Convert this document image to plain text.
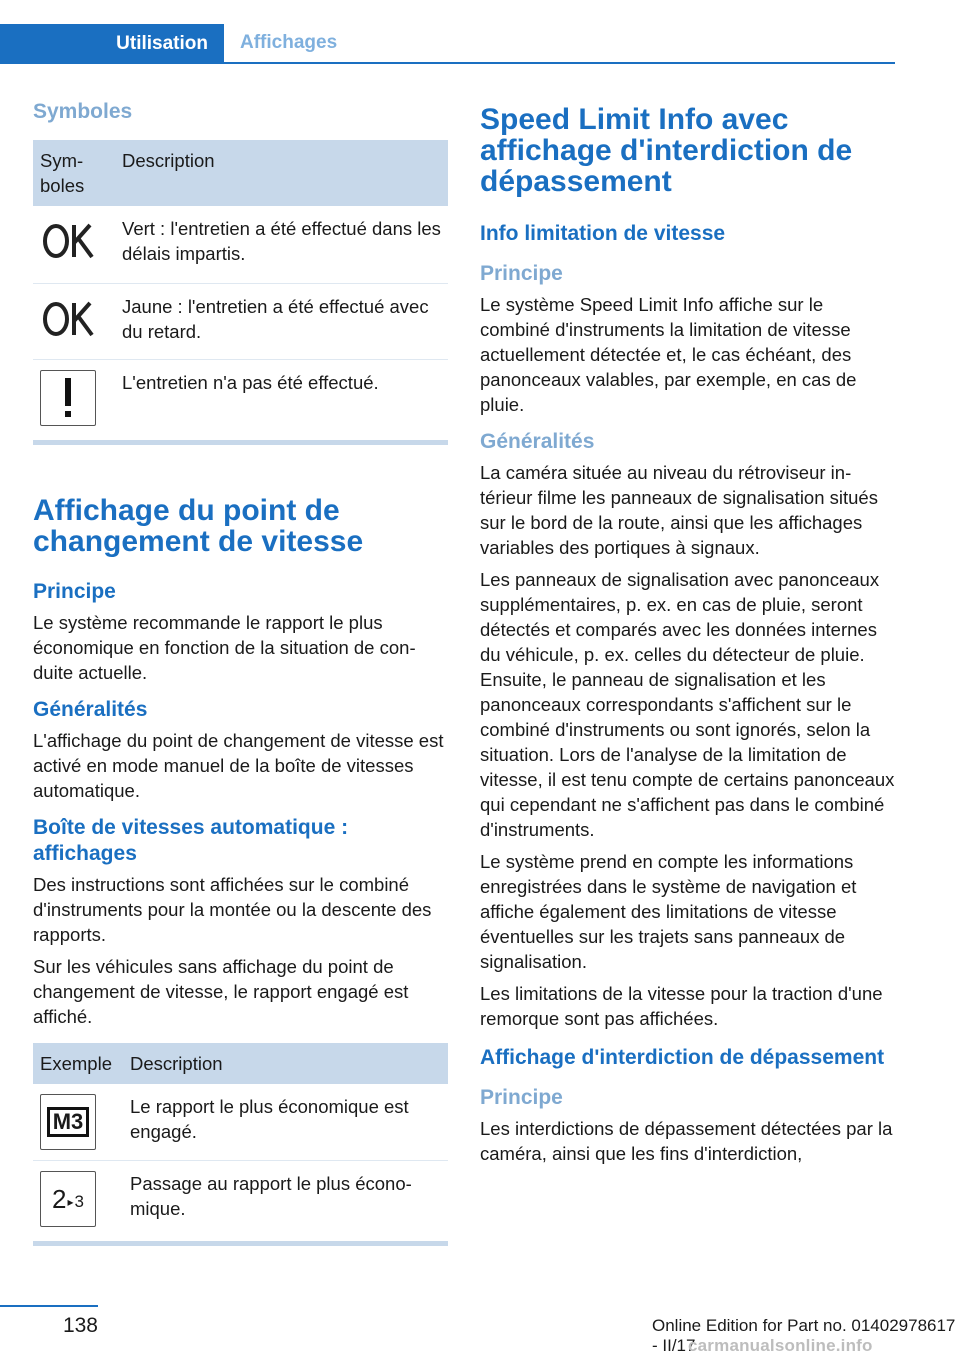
Utilisation	Affichages
Symboles
Sym-
boles	Description

	Vert : l'entretien a été effectué dans les délais impartis.

	Jaune : l'entretien a été effectué avec du retard.

	L'entretien n'a pas été effectué.
Affichage du point de changement de vitesse
Principe

Le système recommande le rapport le plus économique en fonction de la situation de conduite actuelle.

Généralités

L'affichage du point de changement de vitesse est activé en mode manuel de la boîte de vitesses automatique.

Boîte de vitesses automatique : affichages

Des instructions sont affichées sur le combiné d'instruments pour la montée ou la descente des rapports.

Sur les véhicules sans affichage du point de changement de vitesse, le rapport engagé est affiché.

Exemple	Description

M3	Le rapport le plus économique est engagé.

2 ▸ 3	Passage au rapport le plus économique.
Speed Limit Info avec affichage d'interdiction de dépassement
Info limitation de vitesse
Principe

Le système Speed Limit Info affiche sur le combiné d'instruments la limitation de vitesse actuellement détectée et, le cas échéant, des panonceaux valables, par exemple, en cas de pluie.

Généralités

La caméra située au niveau du rétroviseur intérieur filme les panneaux de signalisation situés sur le bord de la route, ainsi que les affichages variables des portiques à signaux.

Les panneaux de signalisation avec panonceaux supplémentaires, p. ex. en cas de pluie, seront détectés et comparés avec les données internes du véhicule, p. ex. celles du détecteur de pluie. Ensuite, le panneau de signalisation et les panonceaux correspondants s'affichent sur le combiné d'instruments ou sont ignorés, selon la situation. Lors de l'analyse de la limitation de vitesse, il est tenu compte de certains panonceaux qui cependant ne s'affichent pas dans le combiné d'instruments.

Le système prend en compte les informations enregistrées dans le système de navigation et affiche également des limitations de vitesse éventuelles sur les trajets sans panneaux de signalisation.

Les limitations de la vitesse pour la traction d'une remorque sont pas affichées.

Affichage d'interdiction de dépassement
Principe

Les interdictions de dépassement détectées par la caméra, ainsi que les fins d'interdiction,

138	Online Edition for Part no. 01402978617 - II/17
carmanualsonline.info
